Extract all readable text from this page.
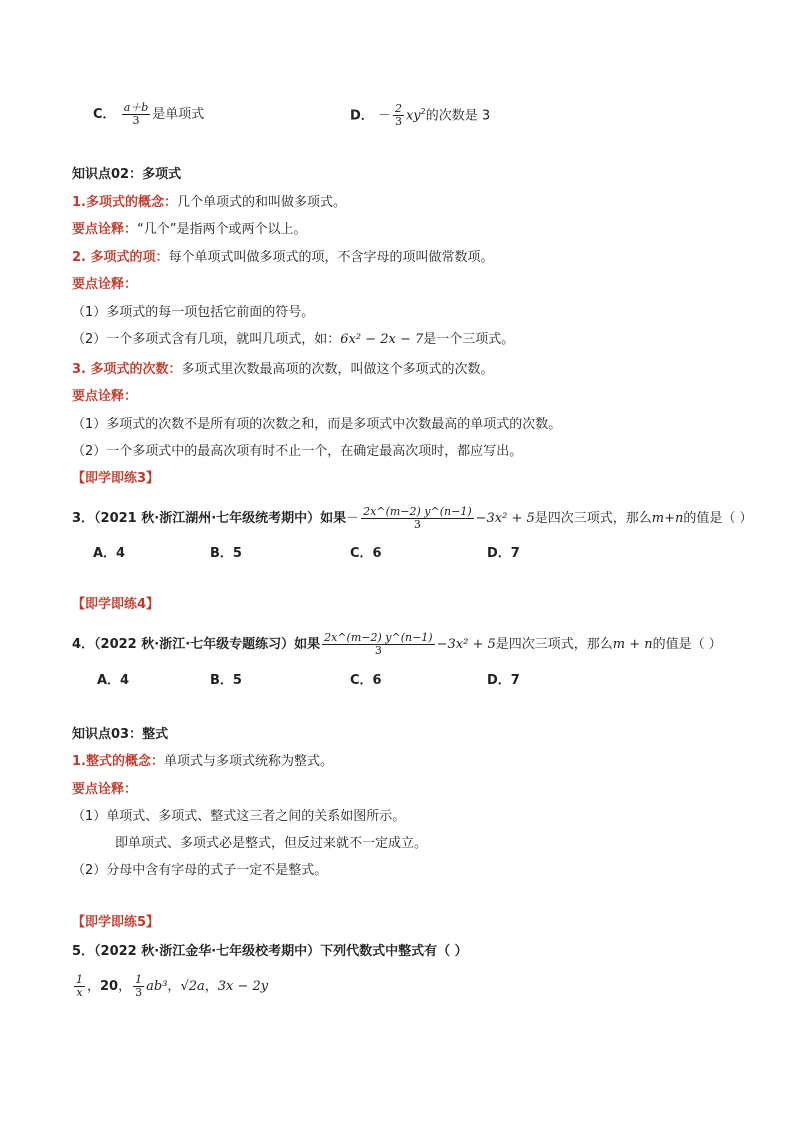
C． $\frac{a+b}{3}$ 是单项式	D． － $\frac{2}{3} xy^2$的次数是 3
知识点02：多项式
1.多项式的概念：几个单项式的和叫做多项式。
要点诠释：“几个”是指两个或两个以上。
2. 多项式的项：每个单项式叫做多项式的项，不含字母的项叫做常数项。
要点诠释：
（1）多项式的每一项包括它前面的符号。
（2）一个多项式含有几项，就叫几项式，如：6x² − 2x − 7是一个三项式。
3. 多项式的次数：多项式里次数最高项的次数，叫做这个多项式的次数。
要点诠释：
（1）多项式的次数不是所有项的次数之和，而是多项式中次数最高的单项式的次数。
（2）一个多项式中的最高次项有时不止一个，在确定最高次项时，都应写出。
【即学即练3】
3．（2021 秋·浙江湖州·七年级统考期中）如果－ $\frac{2x\^{}(m-2) y\^{}(n-1)}{3} -3x^2 + 5$是四次三项式，那么m+n的值是（ ）
A．4	B．5	C．6	D．7
【即学即练4】
4．（2022 秋·浙江·七年级专题练习）如果 $\frac{2x\^{}(m-2) y\^{}(n-1)}{3} -3x^2 + 5$是四次三项式，那么m + n的值是（ ）
A．4	B．5	C．6	D．7
知识点03：整式
1.整式的概念：单项式与多项式统称为整式。
要点诠释：
（1）单项式、多项式、整式这三者之间的关系如图所示。
即单项式、多项式必是整式，但反过来就不一定成立。
（2）分母中含有字母的式子一定不是整式。
【即学即练5】
5．（2022 秋·浙江金华·七年级校考期中）下列代数式中整式有（ ）
$\frac{1}{x}$ ，20， $\frac{1}{3} ab^3$，√2a，3x − 2y
